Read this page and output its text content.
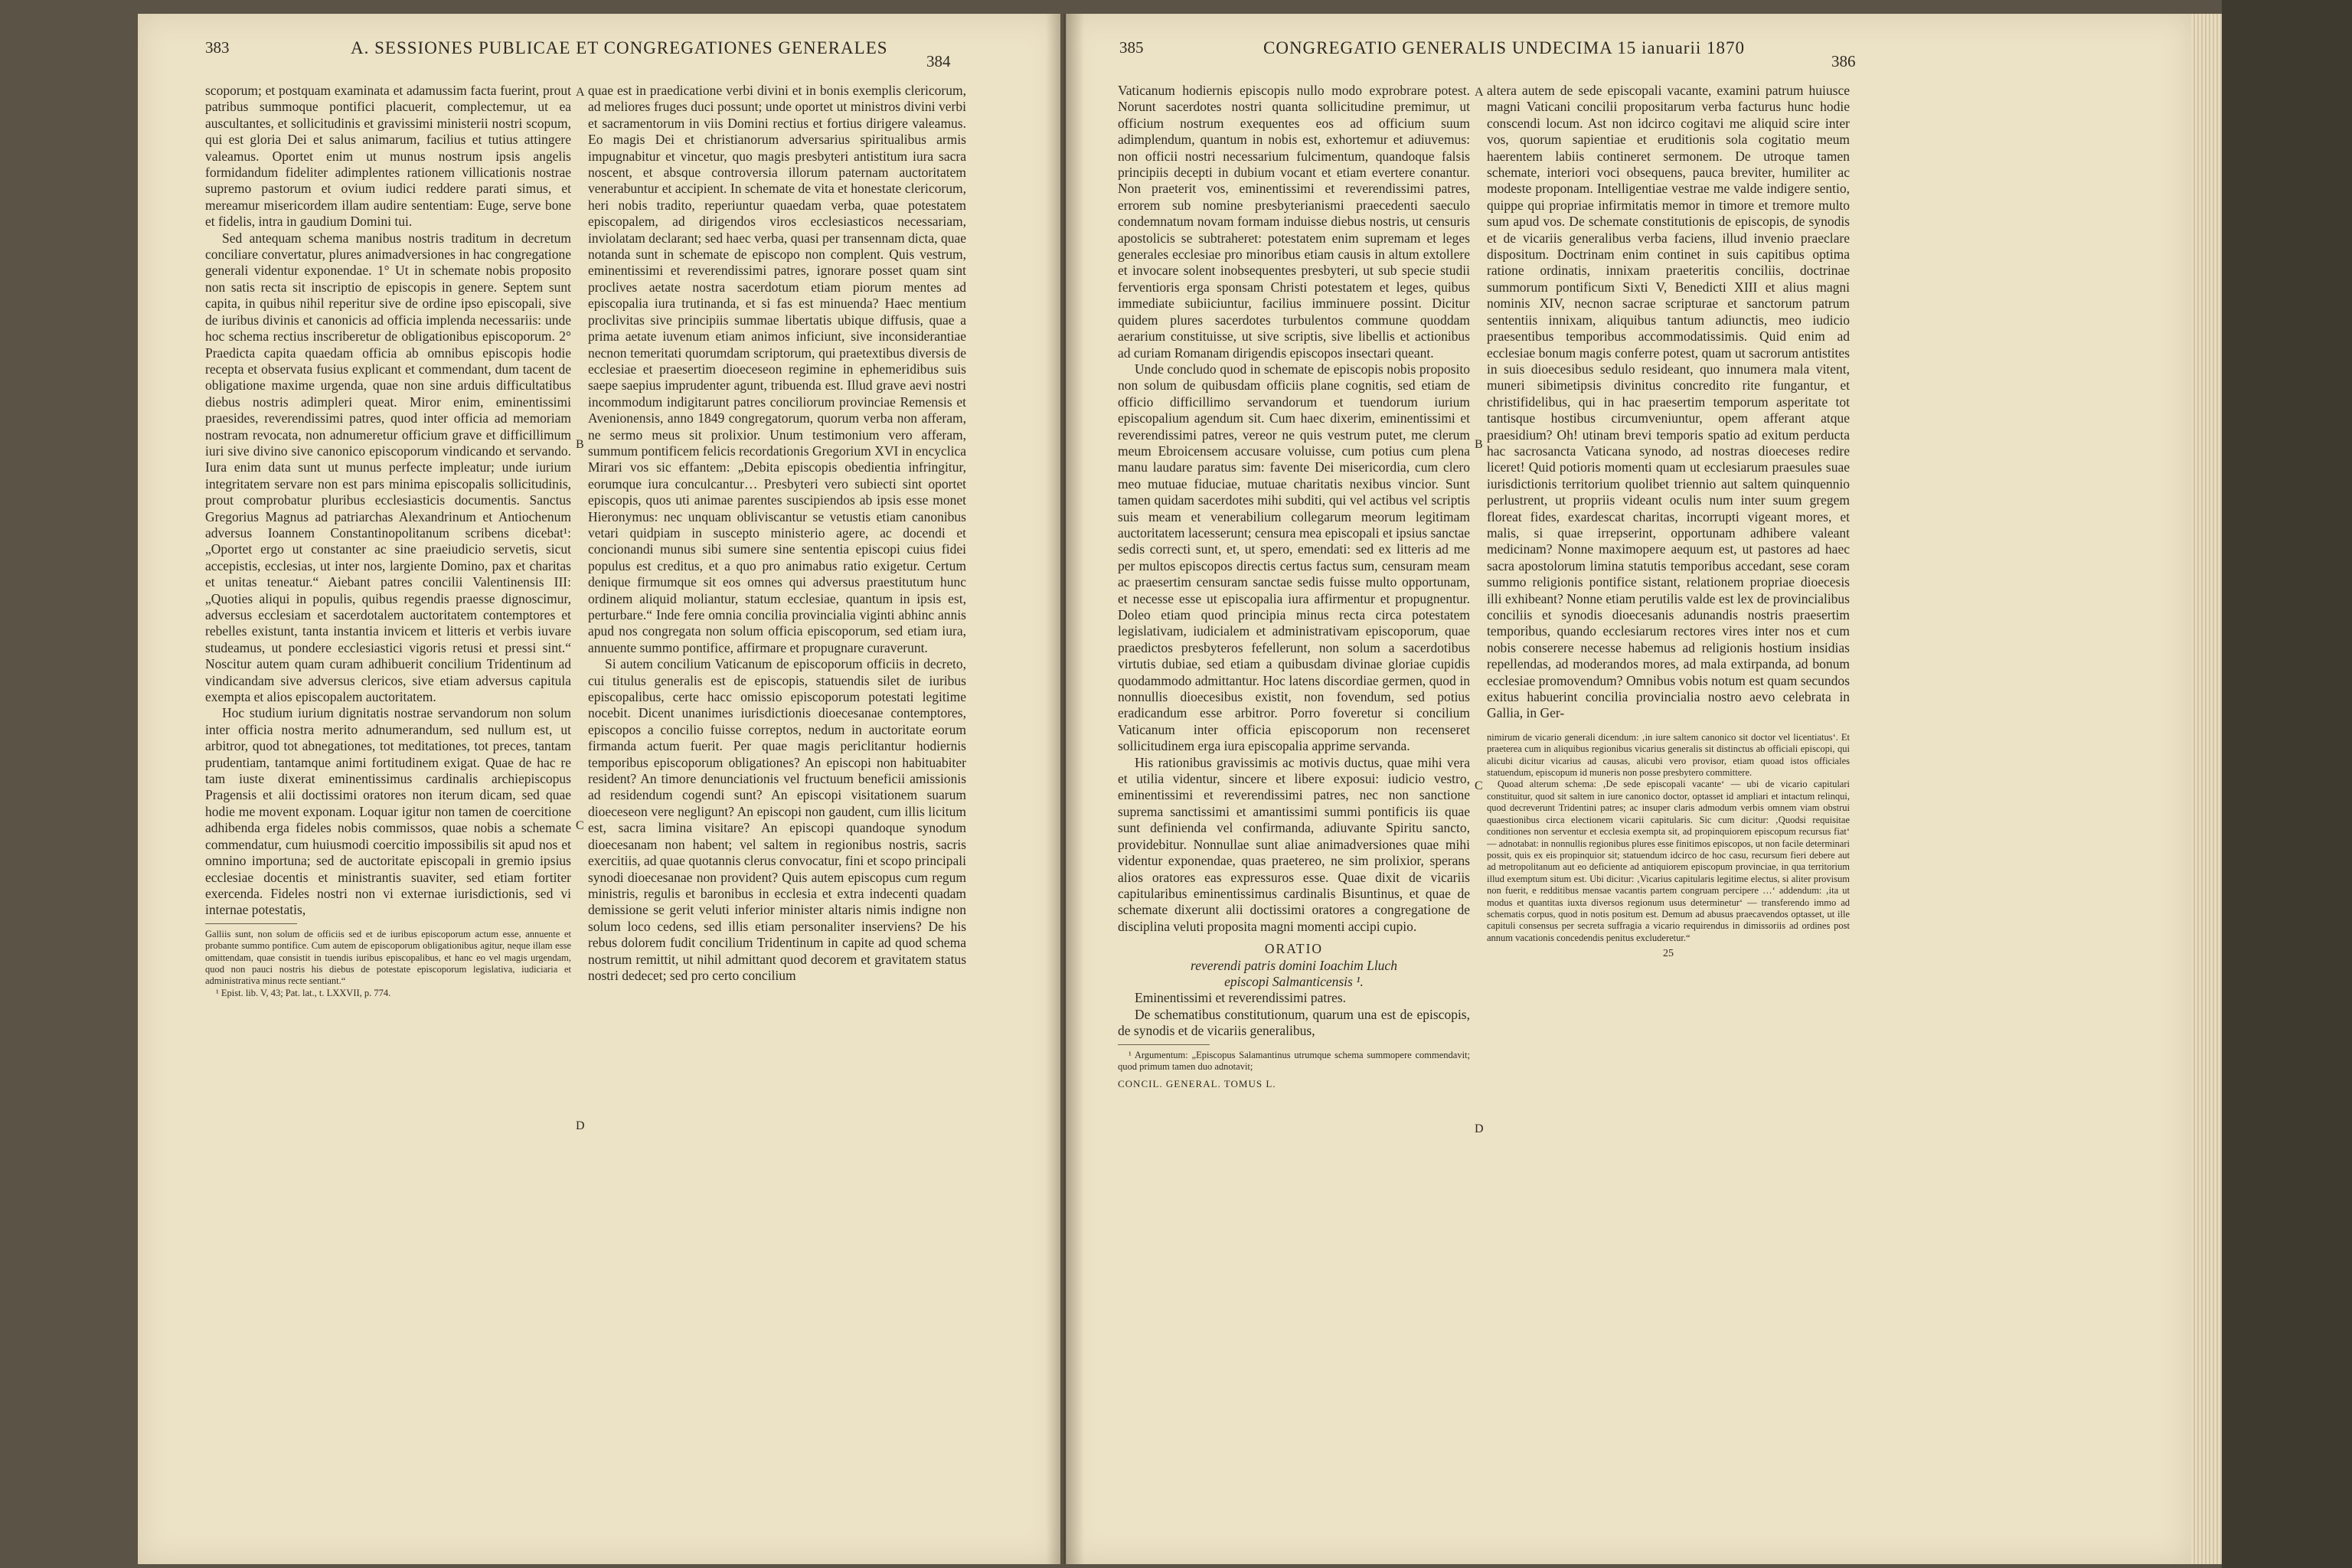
383	A. SESSIONES PUBLICAE ET CONGREGATIONES GENERALES
384

scoporum; et postquam examinata et adamussim facta fuerint, prout patribus summoque pontifici placuerit, complectemur, ut ea auscultantes, et sollicitudinis et gravissimi ministerii nostri scopum, qui est gloria Dei et salus animarum, facilius et tutius attingere valeamus. Oportet enim ut munus nostrum ipsis angelis formidandum fideliter adimplentes rationem villicationis nostrae supremo pastorum et ovium iudici reddere parati simus, et mereamur misericordem illam audire sententiam: Euge, serve bone et fidelis, intra in gaudium Domini tui.

Sed antequam schema manibus nostris traditum in decretum conciliare convertatur, plures animadversiones in hac congregatione generali videntur exponendae. 1° Ut in schemate nobis proposito non satis recta sit inscriptio de episcopis in genere. Septem sunt capita, in quibus nihil reperitur sive de ordine ipso episcopali, sive de iuribus divinis et canonicis ad officia implenda necessariis: unde hoc schema rectius inscriberetur de obligationibus episcoporum. 2° Praedicta capita quaedam officia ab omnibus episcopis hodie recepta et observata fusius explicant et commendant, dum tacent de obligatione maxime urgenda, quae non sine arduis difficultatibus diebus nostris adimpleri queat. Miror enim, eminentissimi praesides, reverendissimi patres, quod inter officia ad memoriam nostram revocata, non adnumeretur officium grave et difficillimum iuri sive divino sive canonico episcoporum vindicando et servando. Iura enim data sunt ut munus perfecte impleatur; unde iurium integritatem servare non est pars minima episcopalis sollicitudinis, prout comprobatur pluribus ecclesiasticis documentis. Sanctus Gregorius Magnus ad patriarchas Alexandrinum et Antiochenum adversus Ioannem Constantinopolitanum scribens dicebat¹: „Oportet ergo ut constanter ac sine praeiudicio servetis, sicut accepistis, ecclesias, ut inter nos, largiente Domino, pax et charitas et unitas teneatur.“ Aiebant patres concilii Valentinensis III: „Quoties aliqui in populis, quibus regendis praesse dignoscimur, adversus ecclesiam et sacerdotalem auctoritatem contemptores et rebelles existunt, tanta instantia invicem et litteris et verbis iuvare studeamus, ut pondere ecclesiastici vigoris retusi et pressi sint.“ Noscitur autem quam curam adhibuerit concilium Tridentinum ad vindicandam sive adversus clericos, sive etiam adversus capitula exempta et alios episcopalem auctoritatem.

Hoc studium iurium dignitatis nostrae servandorum non solum inter officia nostra merito adnumerandum, sed nullum est, ut arbitror, quod tot abnegationes, tot meditationes, tot preces, tantam prudentiam, tantamque animi fortitudinem exigat. Quae de hac re tam iuste dixerat eminentissimus cardinalis archiepiscopus Pragensis et alii doctissimi oratores non iterum dicam, sed quae hodie me movent exponam. Loquar igitur non tamen de coercitione adhibenda erga fideles nobis commissos, quae nobis a schemate commendatur, cum huiusmodi coercitio impossibilis sit apud nos et omnino importuna; sed de auctoritate episcopali in gremio ipsius ecclesiae docentis et ministrantis suaviter, sed etiam fortiter exercenda. Fideles nostri non vi externae iurisdictionis, sed vi internae potestatis,

Galliis sunt, non solum de officiis sed et de iuribus episcoporum actum esse, annuente et probante summo pontifice. Cum autem de episcoporum obligationibus agitur, neque illam esse omittendam, quae consistit in tuendis iuribus episcopalibus, et hanc eo vel magis urgendam, quod non pauci nostris his diebus de potestate episcoporum legislativa, iudiciaria et administrativa minus recte sentiant.“

¹ Epist. lib. V, 43; Pat. lat., t. LXXVII, p. 774.

A
B
C
D

quae est in praedicatione verbi divini et in bonis exemplis clericorum, ad meliores fruges duci possunt; unde oportet ut ministros divini verbi et sacramentorum in viis Domini rectius et fortius dirigere valeamus. Eo magis Dei et christianorum adversarius spiritualibus armis impugnabitur et vincetur, quo magis presbyteri antistitum iura sacra noscent, et absque controversia illorum paternam auctoritatem venerabuntur et accipient. In schemate de vita et honestate clericorum, heri nobis tradito, reperiuntur quaedam verba, quae potestatem episcopalem, ad dirigendos viros ecclesiasticos necessariam, inviolatam declarant; sed haec verba, quasi per transennam dicta, quae notanda sunt in schemate de episcopo non complent. Quis vestrum, eminentissimi et reverendissimi patres, ignorare posset quam sint proclives aetate nostra sacerdotum etiam piorum mentes ad episcopalia iura trutinanda, et si fas est minuenda? Haec mentium proclivitas sive principiis summae libertatis ubique diffusis, quae a prima aetate iuvenum etiam animos inficiunt, sive inconsiderantiae necnon temeritati quorumdam scriptorum, qui praetextibus diversis de ecclesiae et praesertim dioeceseon regimine in ephemeridibus suis saepe saepius imprudenter agunt, tribuenda est. Illud grave aevi nostri incommodum indigitarunt patres conciliorum provinciae Remensis et Avenionensis, anno 1849 congregatorum, quorum verba non afferam, ne sermo meus sit prolixior. Unum testimonium vero afferam, summum pontificem felicis recordationis Gregorium XVI in encyclica Mirari vos sic effantem: „Debita episcopis obedientia infringitur, eorumque iura conculcantur… Presbyteri vero subiecti sint oportet episcopis, quos uti animae parentes suscipiendos ab ipsis esse monet Hieronymus: nec unquam obliviscantur se vetustis etiam canonibus vetari quidpiam in suscepto ministerio agere, ac docendi et concionandi munus sibi sumere sine sententia episcopi cuius fidei populus est creditus, et a quo pro animabus ratio exigetur. Certum denique firmumque sit eos omnes qui adversus praestitutum hunc ordinem aliquid moliantur, statum ecclesiae, quantum in ipsis est, perturbare.“ Inde fere omnia concilia provincialia viginti abhinc annis apud nos congregata non solum officia episcoporum, sed etiam iura, annuente summo pontifice, affirmare et propugnare curaverunt.

Si autem concilium Vaticanum de episcoporum officiis in decreto, cui titulus generalis est de episcopis, statuendis silet de iuribus episcopalibus, certe hacc omissio episcoporum potestati legitime nocebit. Dicent unanimes iurisdictionis dioecesanae contemptores, episcopos a concilio fuisse correptos, nedum in auctoritate eorum firmanda actum fuerit. Per quae magis periclitantur hodiernis temporibus episcoporum obligationes? An episcopi non habituabiter resident? An timore denunciationis vel fructuum beneficii amissionis ad residendum cogendi sunt? An episcopi visitationem suarum dioeceseon vere negligunt? An episcopi non gaudent, cum illis licitum est, sacra limina visitare? An episcopi quandoque synodum dioecesanam non habent; vel saltem in regionibus nostris, sacris exercitiis, ad quae quotannis clerus convocatur, fini et scopo principali synodi dioecesanae non provident? Quis autem episcopus cum regum ministris, regulis et baronibus in ecclesia et extra indecenti quadam demissione se gerit veluti inferior minister altaris nimis indigne non solum loco cedens, sed illis etiam personaliter inserviens? De his rebus dolorem fudit concilium Tridentinum in capite ad quod schema nostrum remittit, ut nihil admittant quod decorem et gravitatem status nostri dedecet; sed pro certo concilium

385	CONGREGATIO GENERALIS UNDECIMA 15 ianuarii 1870
386

Vaticanum hodiernis episcopis nullo modo exprobrare potest. Norunt sacerdotes nostri quanta sollicitudine premimur, ut officium nostrum exequentes eos ad officium suum adimplendum, quantum in nobis est, exhortemur et adiuvemus: non officii nostri necessarium fulcimentum, quandoque falsis principiis decepti in dubium vocant et etiam evertere conantur. Non praeterit vos, eminentissimi et reverendissimi patres, errorem sub nomine presbyterianismi praecedenti saeculo condemnatum novam formam induisse diebus nostris, ut censuris apostolicis se subtraheret: potestatem enim supremam et leges generales ecclesiae pro minoribus etiam causis in altum extollere et invocare solent inobsequentes presbyteri, ut sub specie studii ferventioris erga sponsam Christi potestatem et leges, quibus immediate subiiciuntur, facilius imminuere possint. Dicitur quidem plures sacerdotes turbulentos commune quoddam aerarium constituisse, ut sive scriptis, sive libellis et actionibus ad curiam Romanam dirigendis episcopos insectari queant.

Unde concludo quod in schemate de episcopis nobis proposito non solum de quibusdam officiis plane cognitis, sed etiam de officio difficillimo servandorum et tuendorum iurium episcopalium agendum sit. Cum haec dixerim, eminentissimi et reverendissimi patres, vereor ne quis vestrum putet, me clerum meum Ebroicensem accusare voluisse, cum potius cum plena manu laudare paratus sim: favente Dei misericordia, cum clero meo mutuae fiduciae, mutuae charitatis nexibus vincior. Sunt tamen quidam sacerdotes mihi subditi, qui vel actibus vel scriptis suis meam et venerabilium collegarum meorum legitimam auctoritatem lacesserunt; censura mea episcopali et ipsius sanctae sedis correcti sunt, et, ut spero, emendati: sed ex litteris ad me per multos episcopos directis certus factus sum, censuram meam ac praesertim censuram sanctae sedis fuisse multo opportunam, et necesse esse ut episcopalia iura affirmentur et propugnentur. Doleo etiam quod principia minus recta circa potestatem legislativam, iudicialem et administrativam episcoporum, quae praedictos presbyteros fefellerunt, non solum a sacerdotibus virtutis dubiae, sed etiam a quibusdam divinae gloriae cupidis quodammodo admittantur. Hoc latens discordiae germen, quod in nonnullis dioecesibus existit, non fovendum, sed potius eradicandum esse arbitror. Porro foveretur si concilium Vaticanum inter officia episcoporum non recenseret sollicitudinem erga iura episcopalia apprime servanda.

His rationibus gravissimis ac motivis ductus, quae mihi vera et utilia videntur, sincere et libere exposui: iudicio vestro, eminentissimi et reverendissimi patres, nec non sanctione suprema sanctissimi et amantissimi summi pontificis iis quae sunt definienda vel confirmanda, adiuvante Spiritu sancto, providebitur. Nonnullae sunt aliae animadversiones quae mihi videntur exponendae, quas praetereo, ne sim prolixior, sperans alios oratores eas expressuros esse. Quae dixit de vicariis capitularibus eminentissimus cardinalis Bisuntinus, et quae de schemate dixerunt alii doctissimi oratores a congregatione de disciplina veluti proposita magni momenti accipi cupio.

ORATIO

reverendi patris domini Ioachim Lluch

episcopi Salmanticensis ¹.

Eminentissimi et reverendissimi patres.

De schematibus constitutionum, quarum una est de episcopis, de synodis et de vicariis generalibus,

¹ Argumentum: „Episcopus Salamantinus utrumque schema summopere commendavit; quod primum tamen duo adnotavit;

CONCIL. GENERAL. TOMUS L.

A
B
C
D

altera autem de sede episcopali vacante, examini patrum huiusce magni Vaticani concilii propositarum verba facturus hunc hodie conscendi locum. Ast non idcirco cogitavi me aliquid scire inter vos, quorum sapientiae et eruditionis sola cogitatio meum haerentem labiis contineret sermonem. De utroque tamen schemate, interiori voci obsequens, pauca breviter, humiliter ac modeste proponam. Intelligentiae vestrae me valde indigere sentio, quippe qui propriae infirmitatis memor in timore et tremore multo sum apud vos. De schemate constitutionis de episcopis, de synodis et de vicariis generalibus verba faciens, illud invenio praeclare dispositum. Doctrinam enim continet in suis capitibus optima ratione ordinatis, innixam praeteritis conciliis, doctrinae summorum pontificum Sixti V, Benedicti XIII et alius magni nominis XIV, necnon sacrae scripturae et sanctorum patrum sententiis innixam, aliquibus tantum adiunctis, meo iudicio praesentibus temporibus accommodatissimis. Quid enim ad ecclesiae bonum magis conferre potest, quam ut sacrorum antistites in suis dioecesibus sedulo resideant, quo innumera mala vitent, muneri sibimetipsis divinitus concredito rite fungantur, et christifidelibus, qui in hac praesertim temporum asperitate tot tantisque hostibus circumveniuntur, opem afferant atque praesidium? Oh! utinam brevi temporis spatio ad exitum perducta hac sacrosancta Vaticana synodo, ad nostras dioeceses redire liceret! Quid potioris momenti quam ut ecclesiarum praesules suae iurisdictionis territorium quolibet triennio aut saltem quinquennio perlustrent, ut propriis videant oculis num inter suum gregem floreat fides, exardescat charitas, incorrupti vigeant mores, et malis, si quae irrepserint, opportunam adhibere valeant medicinam? Nonne maximopere aequum est, ut pastores ad haec sacra apostolorum limina statutis temporibus accedant, sese coram summo religionis pontifice sistant, relationem propriae dioecesis illi exhibeant? Nonne etiam perutilis valde est lex de provincialibus conciliis et synodis dioecesanis adunandis nostris praesertim temporibus, quando ecclesiarum rectores vires inter nos et cum nobis conserere necesse habemus ad religionis hostium insidias repellendas, ad moderandos mores, ad mala extirpanda, ad bonum ecclesiae promovendum? Omnibus vobis notum est quam secundos exitus habuerint concilia provincialia nostro aevo celebrata in Gallia, in Ger-

nimirum de vicario generali dicendum: ‚in iure saltem canonico sit doctor vel licentiatus‘. Et praeterea cum in aliquibus regionibus vicarius generalis sit distinctus ab officiali episcopi, qui alicubi dicitur vicarius ad causas, alicubi vero provisor, etiam quoad istos officiales statuendum, episcopum id muneris non posse presbytero committere.

Quoad alterum schema: ‚De sede episcopali vacante‘ — ubi de vicario capitulari constituitur, quod sit saltem in iure canonico doctor, optasset id ampliari et intactum relinqui, quod decreverunt Tridentini patres; ac insuper claris admodum verbis omnem viam obstrui quaestionibus circa electionem vicarii capitularis. Sic cum dicitur: ‚Quodsi requisitae conditiones non serventur et ecclesia exempta sit, ad propinquiorem episcopum recursus fiat‘ — adnotabat: in nonnullis regionibus plures esse finitimos episcopos, ut non facile determinari possit, quis ex eis propinquior sit; statuendum idcirco de hoc casu, recursum fieri debere aut ad metropolitanum aut eo deficiente ad antiquiorem episcopum provinciae, in qua territorium illud exemptum situm est. Ubi dicitur: ‚Vicarius capitularis legitime electus, si aliter provisum non fuerit, e redditibus mensae vacantis partem congruam percipere …‘ addendum: ‚ita ut modus et quantitas iuxta diversos regionum usus determinetur‘ — transferendo immo ad schematis corpus, quod in notis positum est. Demum ad abusus praecavendos optasset, ut ille capituli consensus per secreta suffragia a vicario requirendus in dimissoriis ad ordines post annum vacationis concedendis penitus excluderetur.“

25
